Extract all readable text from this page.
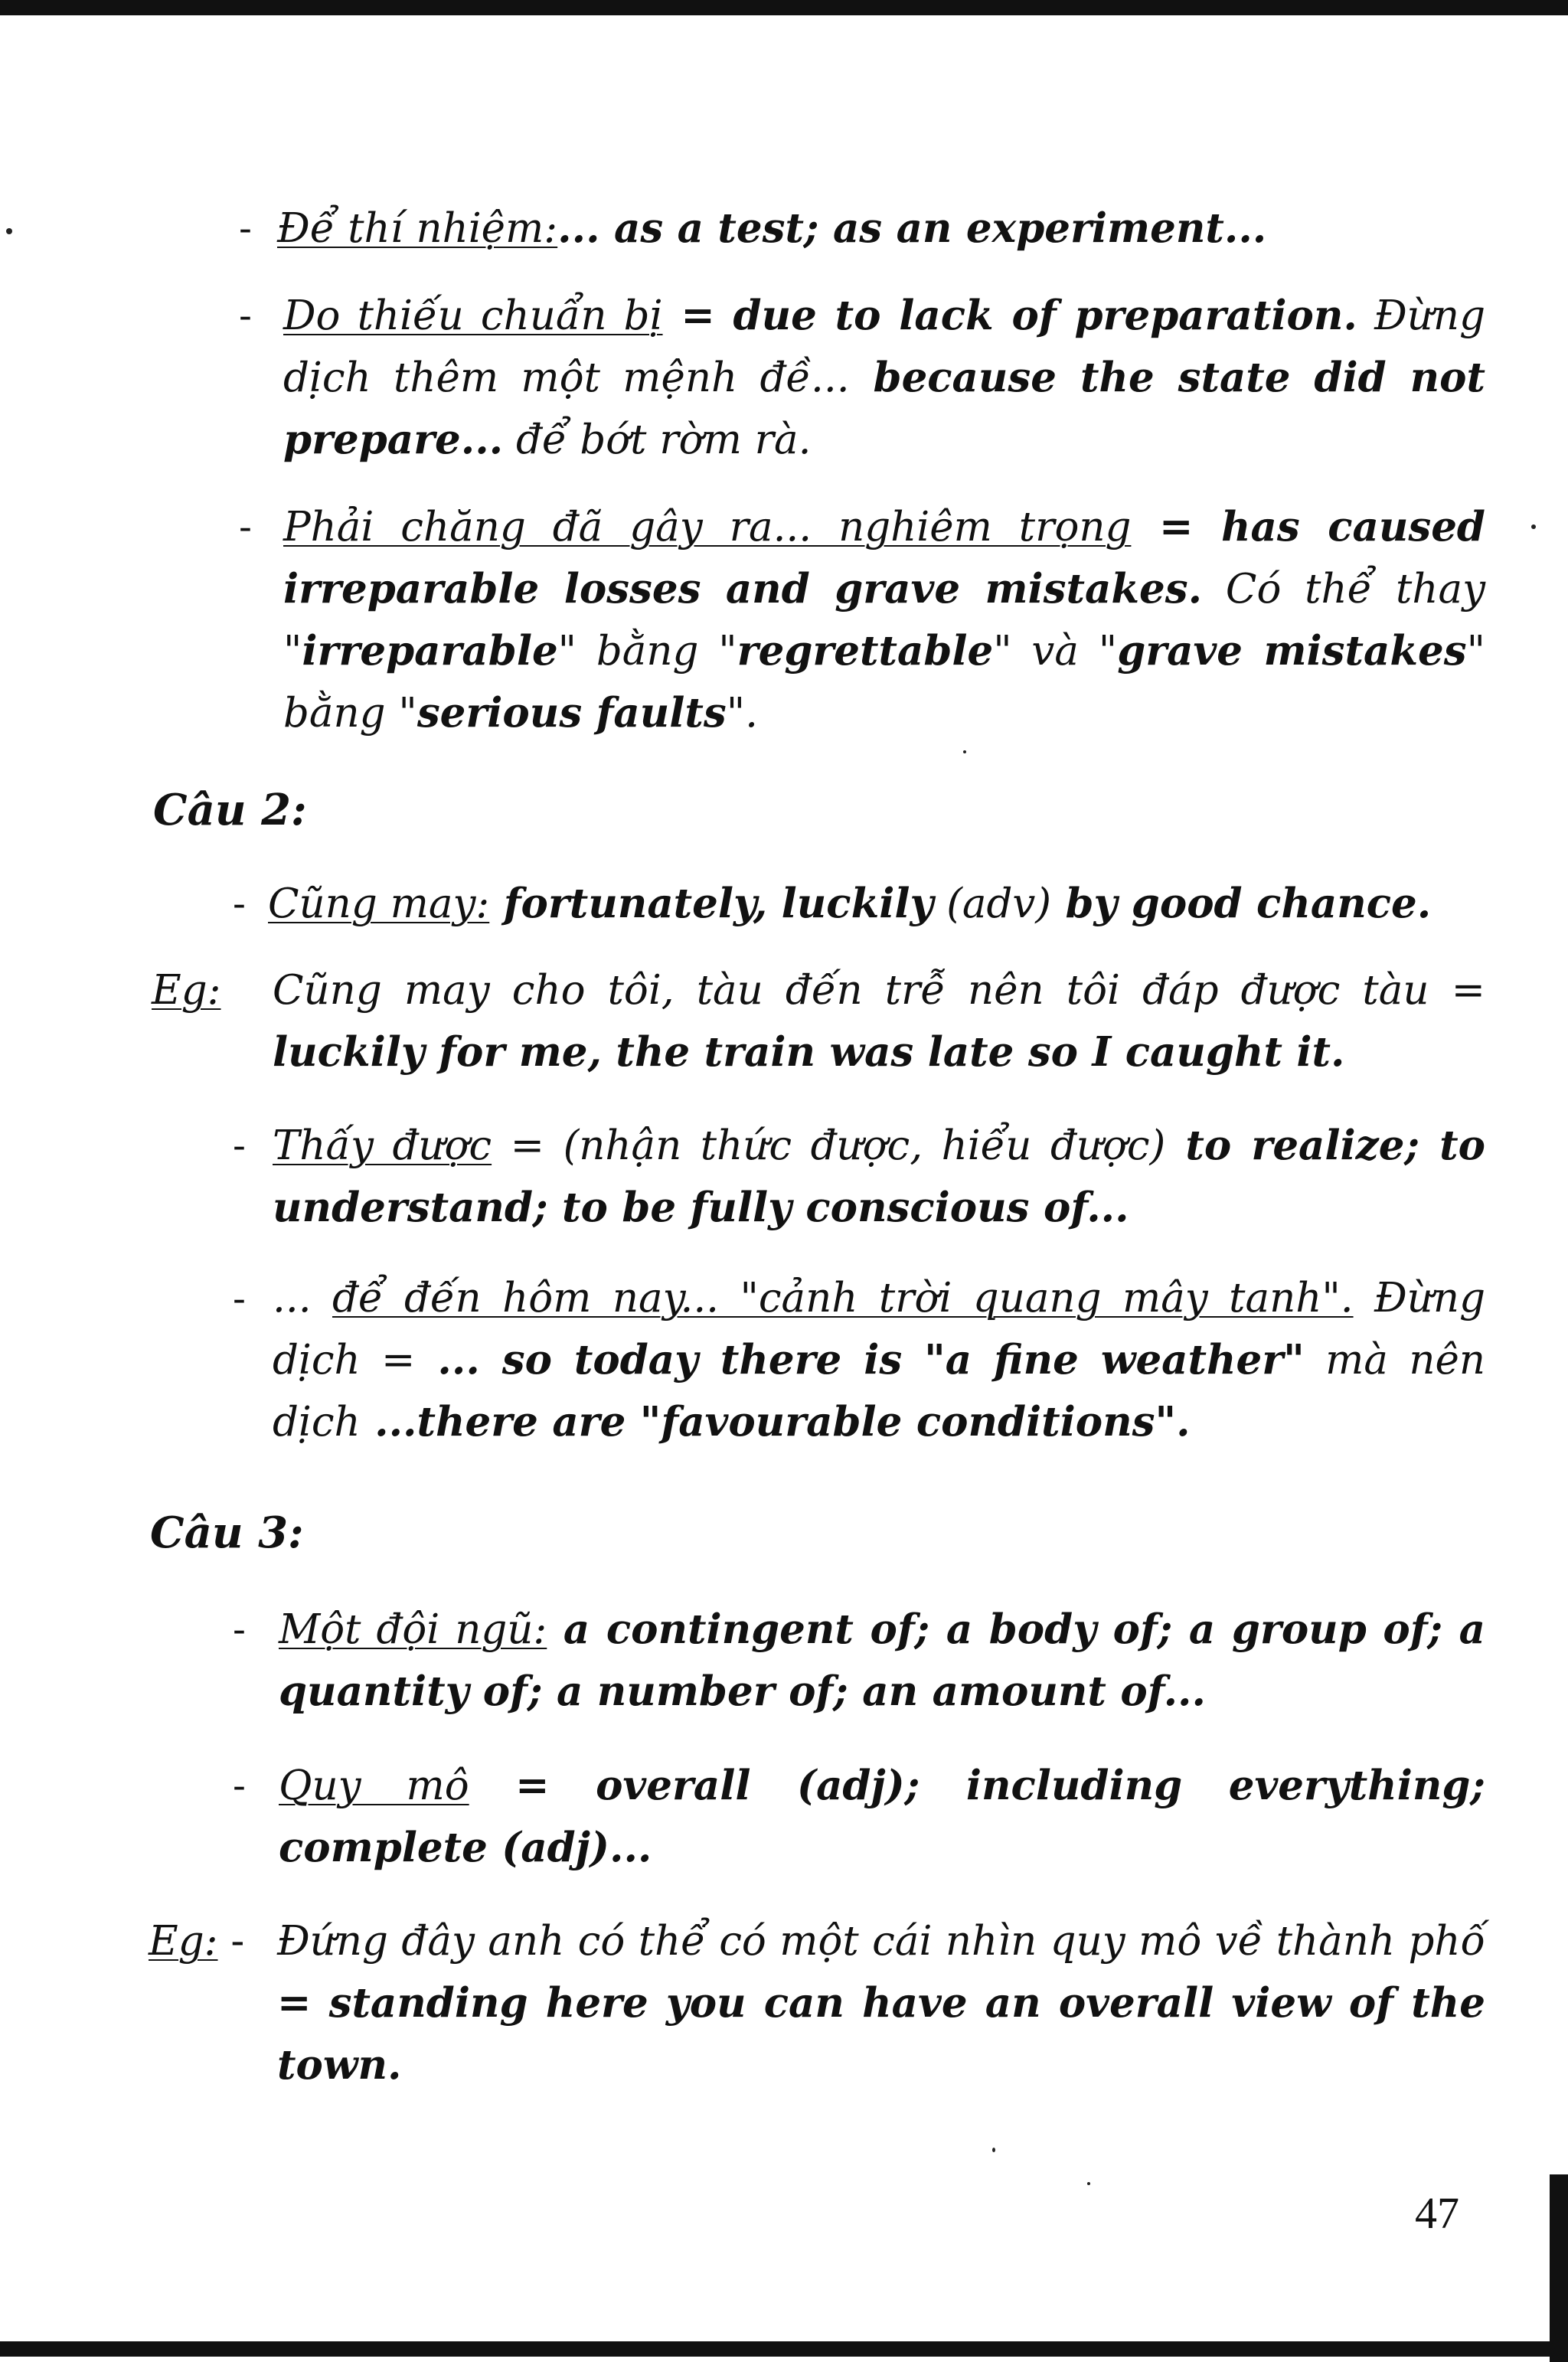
- Để thí nhiệm:... as a test; as an experiment...
- Do thiếu chuẩn bị = due to lack of preparation. Đừng dịch thêm một mệnh đề... because the state did not prepare... để bớt rờm rà.
- Phải chăng đã gây ra... nghiêm trọng = has caused irreparable losses and grave mistakes. Có thể thay "irreparable" bằng "regrettable" và "grave mistakes" bằng "serious faults".
Câu 2:
- Cũng may: fortunately, luckily (adv) by good chance.
Eg: Cũng may cho tôi, tàu đến trễ nên tôi đáp được tàu = luckily for me, the train was late so I caught it.
- Thấy được = (nhận thức được, hiểu được) to realize; to understand; to be fully conscious of...
- ... để đến hôm nay... "cảnh trời quang mây tanh". Đừng dịch = ... so today there is "a fine weather" mà nên dịch ...there are "favourable conditions".
Câu 3:
- Một đội ngũ: a contingent of; a body of; a group of; a quantity of; a number of; an amount of...
- Quy mô = overall (adj); including everything; complete (adj)...
Eg: - Đứng đây anh có thể có một cái nhìn quy mô về thành phố = standing here you can have an overall view of the town.
47
